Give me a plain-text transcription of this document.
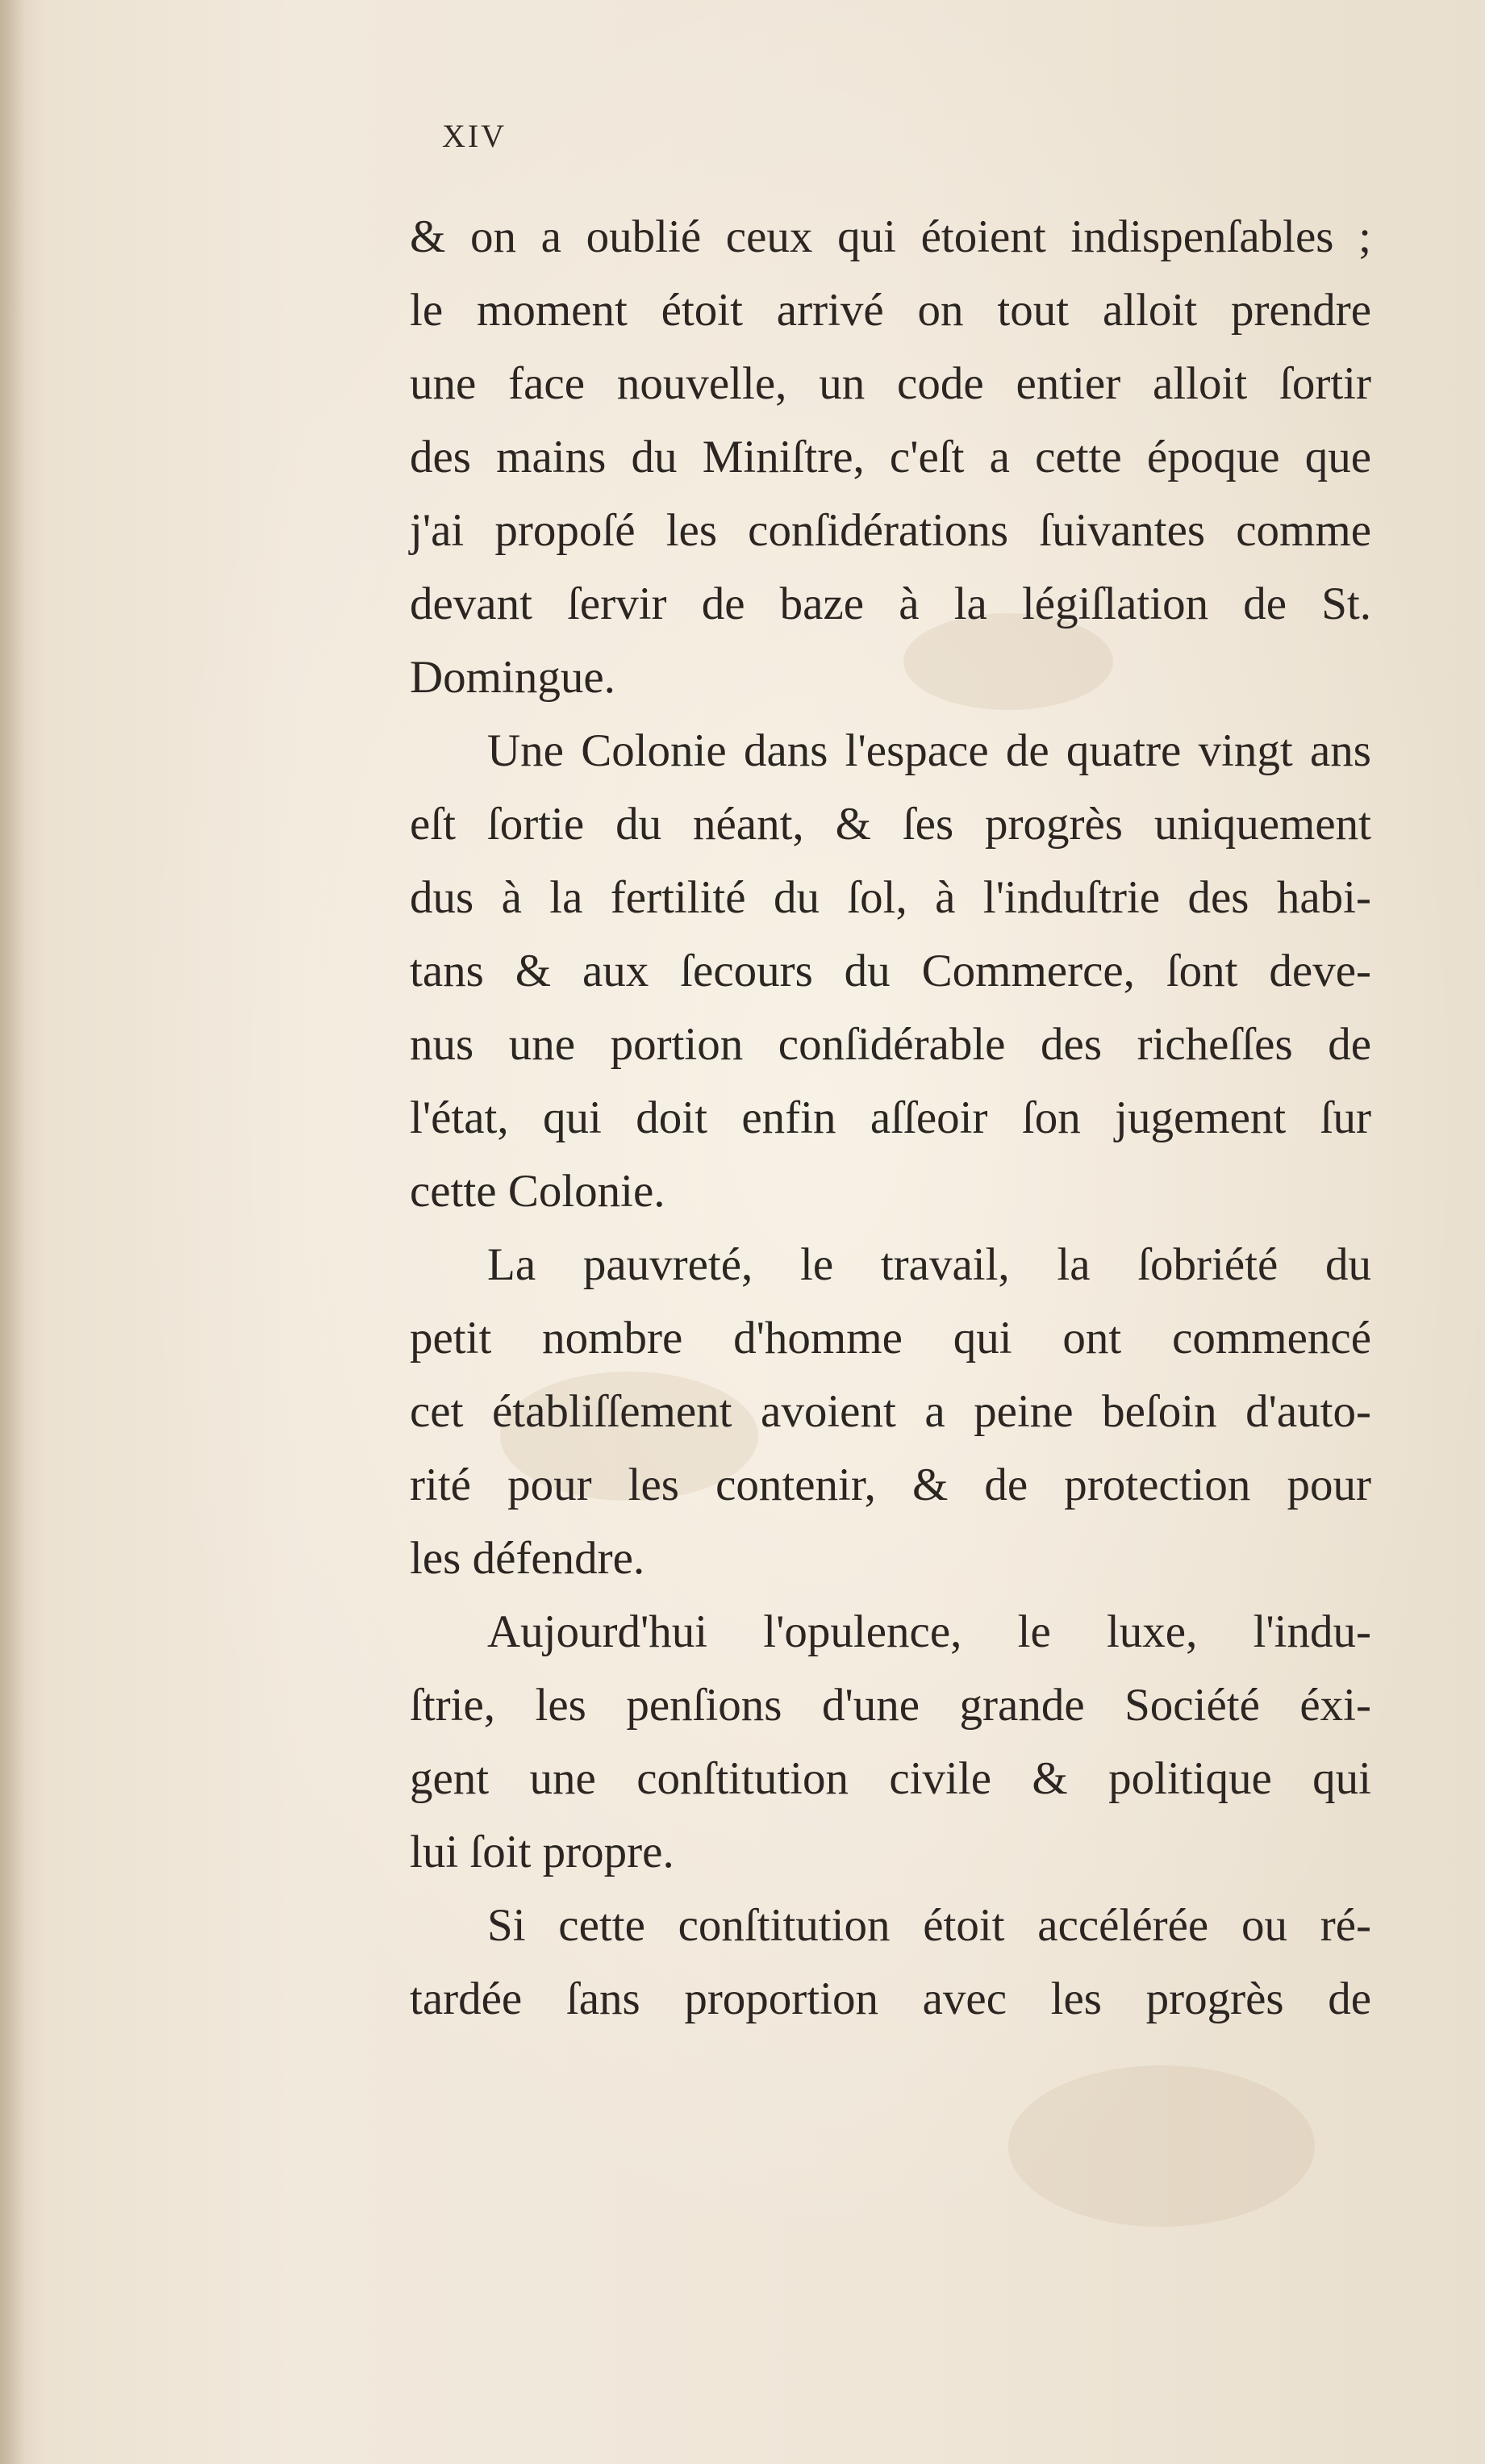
XIV
& on a oublié ceux qui étoient indispenſables ;
le moment étoit arrivé on tout alloit prendre
une face nouvelle, un code entier alloit ſortir
des mains du Miniſtre, c'eſt a cette époque que
j'ai propoſé les conſidérations ſuivantes comme
devant ſervir de baze à la légiſlation de St.
Domingue.
Une Colonie dans l'espace de quatre vingt ans
eſt ſortie du néant, & ſes progrès uniquement
dus à la fertilité du ſol, à l'induſtrie des habi-
tans & aux ſecours du Commerce, ſont deve-
nus une portion conſidérable des richeſſes de
l'état, qui doit enfin aſſeoir ſon jugement ſur
cette Colonie.
La pauvreté, le travail, la ſobriété du
petit nombre d'homme qui ont commencé
cet établiſſement avoient a peine beſoin d'auto-
rité pour les contenir, & de protection pour
les défendre.
Aujourd'hui l'opulence, le luxe, l'indu-
ſtrie, les penſions d'une grande Société éxi-
gent une conſtitution civile & politique qui
lui ſoit propre.
Si cette conſtitution étoit accélérée ou ré-
tardée ſans proportion avec les progrès de
